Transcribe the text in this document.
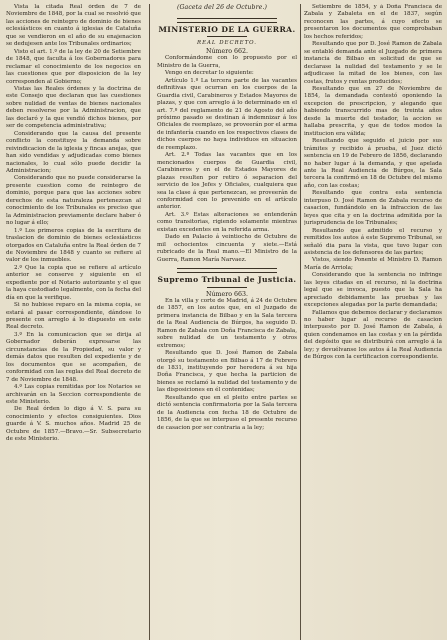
(Gaceta del 26 de Octubre.)

Vista la citada Real órden de 7 de Noviembre de 1848, por la cual se resolvió que las acciones de reintegro de dominio de bienes eclesiásticos en cuanto á iglesias de Cataluña que se vendieron en el año de su enajenacion se dedujesen ante los Tribunales ordinarios;

Visto el art. 1.º de la ley de 20 de Setiembre de 1848, que faculta á los Gobernadores para reclamar el conocimiento de los negocios en las cuestiones que por disposicion de la ley corresponden al Gobierno;

Vistas las Reales órdenes y la doctrina de este Consejo que declaran que las cuestiones sobre nulidad de ventas de bienes nacionales deben resolverse por la Administracion, que las declaró y la que vendió dichos bienes, por ser de competencia administrativa;

Considerando que la causa del presente conflicto la constituye la demanda sobre reivindicacion de la iglesia y fincas anejas, que han sido vendidas y adjudicadas como bienes nacionales, lo cual sólo puede decidir la Administracion;

Considerando que no puede considerarse la presente cuestion como de reintegro de dominio, porque para que las acciones sobre derechos de esta naturaleza pertenezcan al conocimiento de los Tribunales es preciso que la Administracion previamente declare haber ó no lugar á ello;

1.º Los primeros copias de la escritura de traslacion de dominio de bienes eclesiásticos otorgados en Cataluña entre la Real órden de 7 de Noviembre de 1848 y cuanto se refiere al valor de los inmuebles.

2.º Que la copia que se refiere al artículo anterior se conserve y siguiente en el expediente por el Notario autorizante y el que la haya custodiado legalmente, con la fecha del día en que la verifique.

Si no hubiese reparo en la misma copia, se estará al pasar correspondiente, dándose lo presente con arreglo á lo dispuesto en este Real decreto.

3.º En la comunicacion que se dirija al Gobernador deberán expresarse las circunstancias de la Propiedad, su valor y demás datos que resulten del expediente y de los documentos que se acompañen, de conformidad con las reglas del Real decreto de 7 de Noviembre de 1848.

4.º Las copias remitidas por los Notarios se archivarán en la Seccion correspondiente de este Ministerio.

De Real órden lo digo á V. S. para su conocimiento y efectos consiguientes. Dios guarde á V. S. muchos años. Madrid 25 de Octubre de 1857.—Bravo.—Sr. Subsecretario de este Ministerio.

MINISTERIO DE LA GUERRA.

REAL DECRETO.

Número 662.

Conformándome con lo propuesto por el Ministro de la Guerra,

Vengo en decretar lo siguiente:

Artículo 1.º La tercera parte de las vacantes definitivas que ocurran en los cuerpos de la Guardia civil, Carabineros y Estados Mayores de plazas, y que con arreglo á lo determinado en el art. 7.º del reglamento de 21 de Agosto del año próximo pasado se destinan á indemnizar á los Oficiales de reemplazo, se proveerán por el arma de infantería cuando en los respectivos clases de dichos cuerpos no haya individuos en situacion de reemplazo.

Art. 2.º Todas las vacantes que en los mencionados cuerpos de Guardia civil, Carabineros y en el de Estados Mayores de plazas resulten por retiro ó separacion del servicio de los Jefes y Oficiales, cualquiera que sea la clase á que pertenezcan, se proveerán de conformidad con lo prevenido en el artículo anterior.

Art. 3.º Estas alteraciones se entenderán como transitorias, rigiendo solamente mientras existan excedentes en la referida arma.

Dado en Palacio á veintiocho de Octubre de mil ochocientos cincuenta y siete.—Está rubricado de la Real mano.—El Ministro de la Guerra, Ramon María Narvaez.

Supremo Tribunal de Justicia.

Número 663.

En la villa y corte de Madrid, á 24 de Octubre de 1857, en los autos que, en el Juzgado de primera instancia de Bilbao y en la Sala tercera de la Real Audiencia de Búrgos, ha seguido D. Ramon de Zabala con Doña Francisca de Zabala, sobre nulidad de un testamento y otros extremos;

Resultando que D. José Ramon de Zabala otorgó su testamento en Bilbao á 17 de Febrero de 1831, instituyendo por heredera á su hija Doña Francisca, y que hecha la particion de bienes se reclamó la nulidad del testamento y de las disposiciones en él contenidas;

Resultando que en el pleito entre partes se dictó sentencia confirmatoria por la Sala tercera de la Audiencia con fecha 18 de Octubre de 1856, de la que se interpuso el presente recurso de casacion por ser contraria a la ley;

Setiembre de 1854, y á Doña Francisca de Zabala y Zabaleta en el de 1837, según reconocen las partes, á cuyo efecto se presentaron los documentos que comprobaban los hechos referidos;

Resultando que por D. José Ramon de Zabala se entabló demanda ante el Juzgado de primera instancia de Bilbao en solicitud de que se declarase la nulidad del testamento y se le adjudicase la mitad de los bienes, con las costas, frutos y rentas producidos;

Resultando que en 27 de Noviembre de 1854, la demandada contestó oponiendo la excepcion de prescripcion, y alegando que habiendo transcurrido mas de treinta años desde la muerte del testador, la accion se hallaba prescrita, y que de todos modos la institucion era válida;

Resultando que seguido el juicio por sus trámites y recibido á prueba, el Juez dictó sentencia en 19 de Febrero de 1856, declarando no haber lugar á la demanda, y que apelada ante la Real Audiencia de Búrgos, la Sala tercera la confirmó en 18 de Octubre del mismo año, con las costas;

Resultando que contra esta sentencia interpuso D. José Ramon de Zabala recurso de casacion, fundándolo en la infraccion de las leyes que cita y en la doctrina admitida por la jurisprudencia de los Tribunales;

Resultando que admitido el recurso y remitidos los autos á este Supremo Tribunal, se señaló dia para la vista, que tuvo lugar con asistencia de los defensores de las partes;

Vistos, siendo Ponente el Ministro D. Ramon María de Arriola;

Considerando que la sentencia no infringe las leyes citadas en el recurso, ni la doctrina legal que se invoca, puesto que la Sala ha apreciado debidamente las pruebas y las excepciones alegadas por la parte demandada;

Fallamos que debemos declarar y declaramos no haber lugar al recurso de casacion interpuesto por D. José Ramon de Zabala, á quien condenamos en las costas y en la pérdida del depósito que se distribuirá con arreglo á la ley; y devuélvanse los autos á la Real Audiencia de Búrgos con la certificacion correspondiente.
